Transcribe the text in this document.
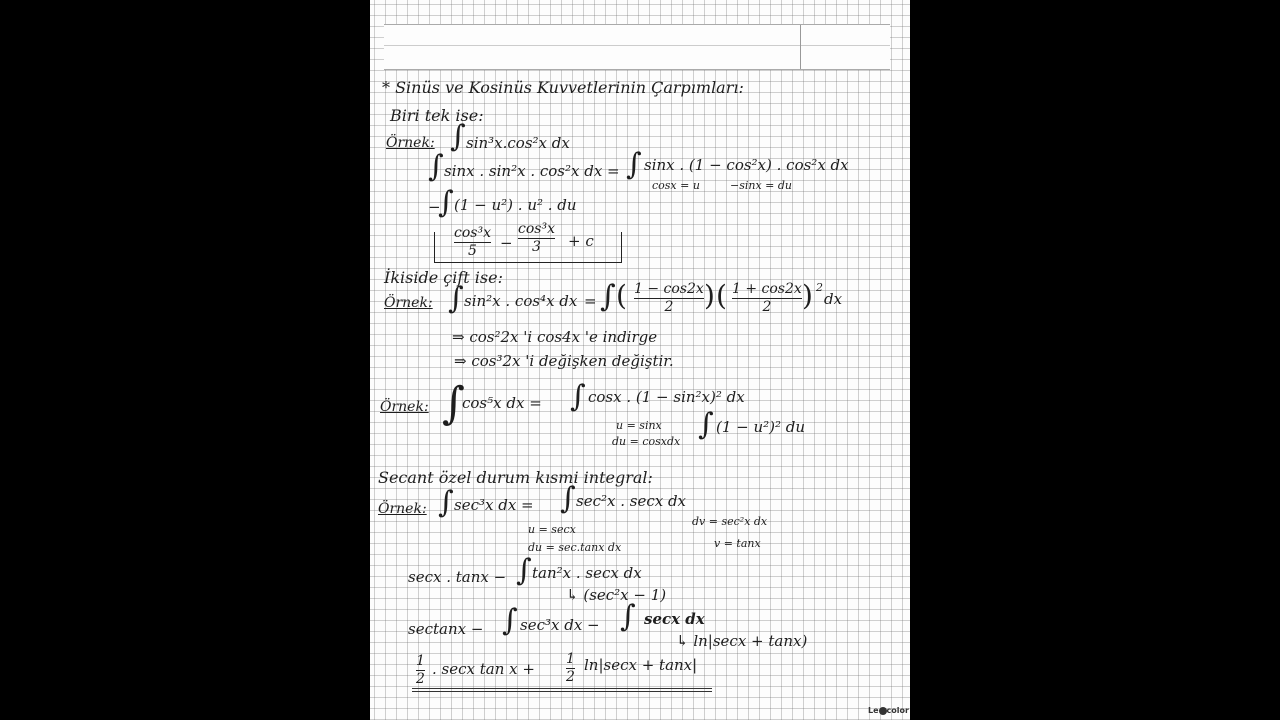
* Sinüs ve Kosinüs Kuvvetlerinin Çarpımları:
Biri tek ise:
Örnek: ∫ sin³x.cos²x dx
∫ sinx . sin²x . cos²x dx = ∫ sinx . (1 − cos²x) . cos²x dx
cosx = u	−sinx = du
−
∫ (1 − u²) . u² . du
cos³x
5 −
cos³x
3 + c
İkiside çift ise:
Örnek: ∫ sin²x . cos⁴x dx = ∫ ( 1 − cos2x
2 ) ( 1 + cos2x
2 ) 2
dx
⇒ cos²2x 'i cos4x 'e indirge
⇒ cos³2x 'i değişken değiştir.
Örnek: ∫
cos⁵x dx = ∫ cosx . (1 − sin²x)² dx
u = sinx
du = cosxdx ∫ (1 − u²)² du
Secant özel durum kısmi integral:
Örnek: ∫ sec³x dx = ∫ sec²x . secx dx
u = secx
du = sec.tanx dx
dv = sec²x dx
v = tanx
secx . tanx − ∫ tan²x . secx dx
↳ (sec²x − 1)
sectanx − ∫ sec³x dx − ∫ secx dx
↳ ln|secx + tanx)
1
2
. secx tan x +
1
2
ln|secx + tanx|
Le color
